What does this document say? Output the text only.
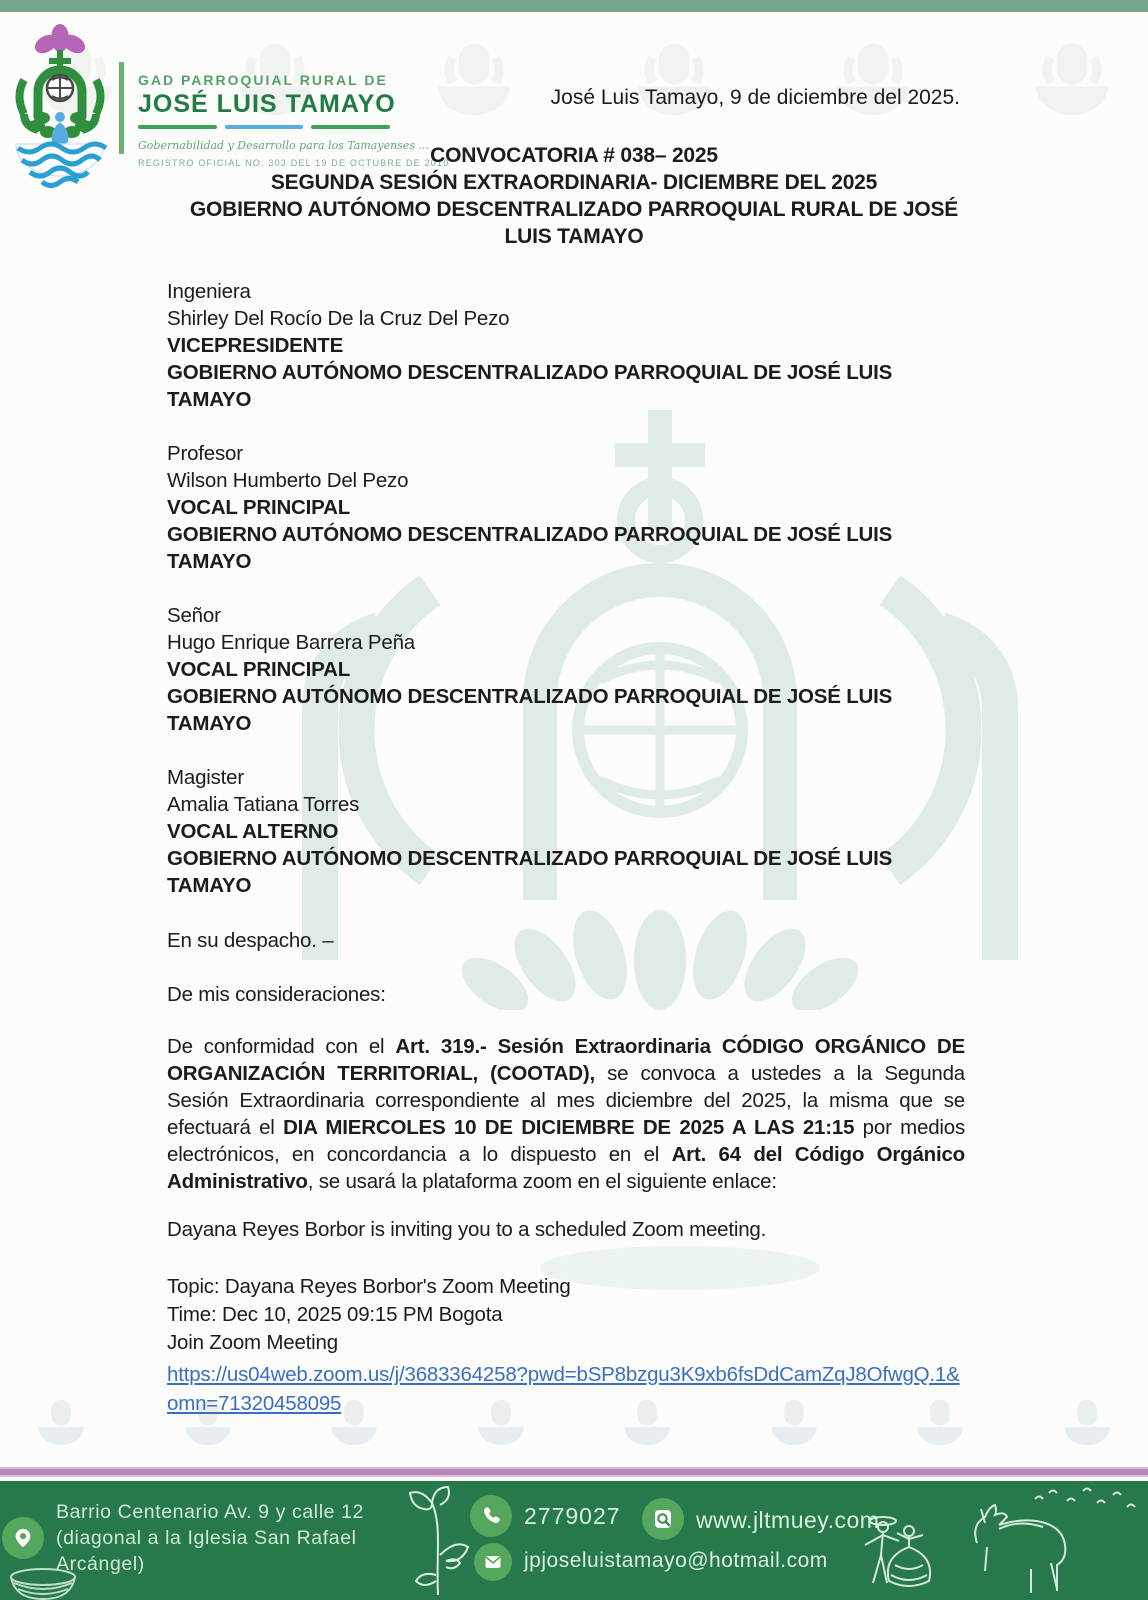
GAD PARROQUIAL RURAL DE
JOSÉ LUIS TAMAYO
Gobernabilidad y Desarrollo para los Tamayenses ...
REGISTRO OFICIAL NO. 303 DEL 19 DE OCTUBRE DE 2010
José Luis Tamayo, 9 de diciembre del 2025.
CONVOCATORIA # 038– 2025
SEGUNDA SESIÓN EXTRAORDINARIA- DICIEMBRE DEL 2025
GOBIERNO AUTÓNOMO DESCENTRALIZADO PARROQUIAL RURAL DE JOSÉ LUIS TAMAYO
Ingeniera
Shirley Del Rocío De la Cruz Del Pezo
VICEPRESIDENTE
GOBIERNO AUTÓNOMO DESCENTRALIZADO PARROQUIAL DE JOSÉ LUIS TAMAYO
Profesor
Wilson Humberto Del Pezo
VOCAL PRINCIPAL
GOBIERNO AUTÓNOMO DESCENTRALIZADO PARROQUIAL DE JOSÉ LUIS TAMAYO
Señor
Hugo Enrique Barrera Peña
VOCAL PRINCIPAL
GOBIERNO AUTÓNOMO DESCENTRALIZADO PARROQUIAL DE JOSÉ LUIS TAMAYO
Magister
Amalia Tatiana Torres
VOCAL ALTERNO
GOBIERNO AUTÓNOMO DESCENTRALIZADO PARROQUIAL DE JOSÉ LUIS TAMAYO
En su despacho. –
De mis consideraciones:

De conformidad con el Art. 319.- Sesión Extraordinaria CÓDIGO ORGÁNICO DE ORGANIZACIÓN TERRITORIAL, (COOTAD), se convoca a ustedes a la Segunda Sesión Extraordinaria correspondiente al mes diciembre del 2025, la misma que se efectuará el DIA MIERCOLES 10 DE DICIEMBRE DE 2025 A LAS 21:15 por medios electrónicos, en concordancia a lo dispuesto en el Art. 64 del Código Orgánico Administrativo, se usará la plataforma zoom en el siguiente enlace:

Dayana Reyes Borbor is inviting you to a scheduled Zoom meeting.
Topic: Dayana Reyes Borbor's Zoom Meeting
Time: Dec 10, 2025 09:15 PM Bogota
Join Zoom Meeting
https://us04web.zoom.us/j/3683364258?pwd=bSP8bzgu3K9xb6fsDdCamZqJ8OfwgQ.1&omn=71320458095
Barrio Centenario Av. 9 y calle 12 (diagonal a la Iglesia San Rafael Arcángel)
2779027	www.jltmuey.com
jpjoseluistamayo@hotmail.com
